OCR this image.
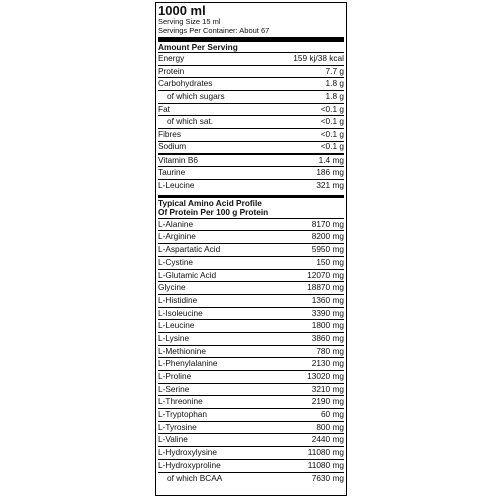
1000 ml
Serving Size 15 ml
Servings Per Container: About 67
Amount Per Serving
Energy	159 kj/38 kcal
Protein	7.7 g
Carbohydrates	1.8 g
of which sugars	1.8 g
Fat	<0.1 g
of which sat.	<0.1 g
Fibres	<0.1 g
Sodium	<0.1 g
Vitamin B6	1.4 mg
Taurine	186 mg
L-Leucine	321 mg
Typical Amino Acid Profile
Of Protein Per 100 g Protein
L-Alanine	8170 mg
L-Arginine	8200 mg
L-Aspartatic Acid	5950 mg
L-Cystine	150 mg
L-Glutamic Acid	12070 mg
Glycine	18870 mg
L-Histidine	1360 mg
L-Isoleucine	3390 mg
L-Leucine	1800 mg
L-Lysine	3860 mg
L-Methionine	780 mg
L-Phenylalanine	2130 mg
L-Proline	13020 mg
L-Serine	3210 mg
L-Threonine	2190 mg
L-Tryptophan	60 mg
L-Tyrosine	800 mg
L-Valine	2440 mg
L-Hydroxylysine	11080 mg
L-Hydroxyproline	11080 mg
of which BCAA	7630 mg
